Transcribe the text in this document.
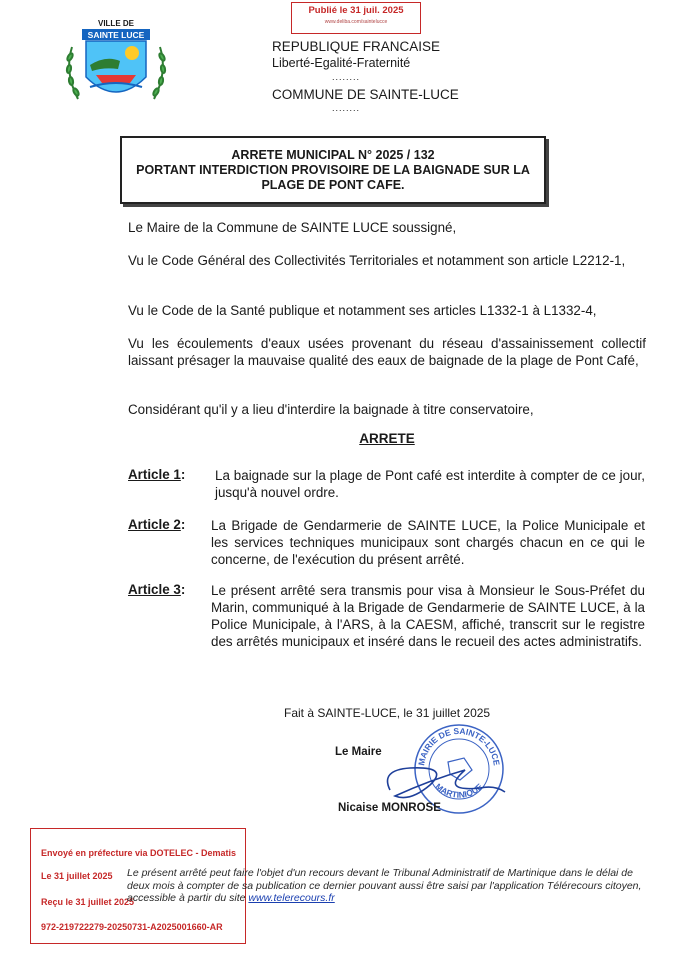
Publié le 31 juil. 2025
www.deliba.com/saintelucce
VILLE DE
SAINTE LUCE
REPUBLIQUE FRANCAISE
Liberté-Egalité-Fraternité
........
COMMUNE DE SAINTE-LUCE
........
ARRETE MUNICIPAL N° 2025 / 132
PORTANT INTERDICTION PROVISOIRE DE LA BAIGNADE SUR LA
PLAGE DE PONT CAFE.
Le Maire de la Commune de SAINTE LUCE soussigné,
Vu le Code Général des Collectivités Territoriales et notamment son article L2212-1,
Vu le Code de la Santé publique et notamment ses articles L1332-1 à L1332-4,
Vu les écoulements d'eaux usées provenant du réseau d'assainissement collectif laissant présager la mauvaise qualité des eaux de baignade de la plage de Pont Café,
Considérant qu'il y a lieu d'interdire la baignade à titre conservatoire,
ARRETE
Article 1: La baignade sur la plage de Pont café est interdite à compter de ce jour, jusqu'à nouvel ordre.
Article 2: La Brigade de Gendarmerie de SAINTE LUCE, la Police Municipale et les services techniques municipaux sont chargés chacun en ce qui le concerne, de l'exécution du présent arrêté.
Article 3: Le présent arrêté sera transmis pour visa à Monsieur le Sous-Préfet du Marin, communiqué à la Brigade de Gendarmerie de SAINTE LUCE, à la Police Municipale, à l'ARS, à la CAESM, affiché, transcrit sur le registre des arrêtés municipaux et inséré dans le recueil des actes administratifs.
Fait à SAINTE-LUCE, le 31 juillet 2025
Le Maire
MAIRIE DE SAINTE-LUCE
MARTINIQUE
Nicaise MONROSE
Envoyé en préfecture via DOTELEC - Dematis
Le 31 juillet 2025
Reçu le 31 juillet 2025
972-219722279-20250731-A2025001660-AR
Le présent arrêté peut faire l'objet d'un recours devant le Tribunal Administratif de Martinique dans le délai de deux mois à compter de sa publication ce dernier pouvant aussi être saisi par l'application Télérecours citoyen, accessible à partir du site www.telerecours.fr
